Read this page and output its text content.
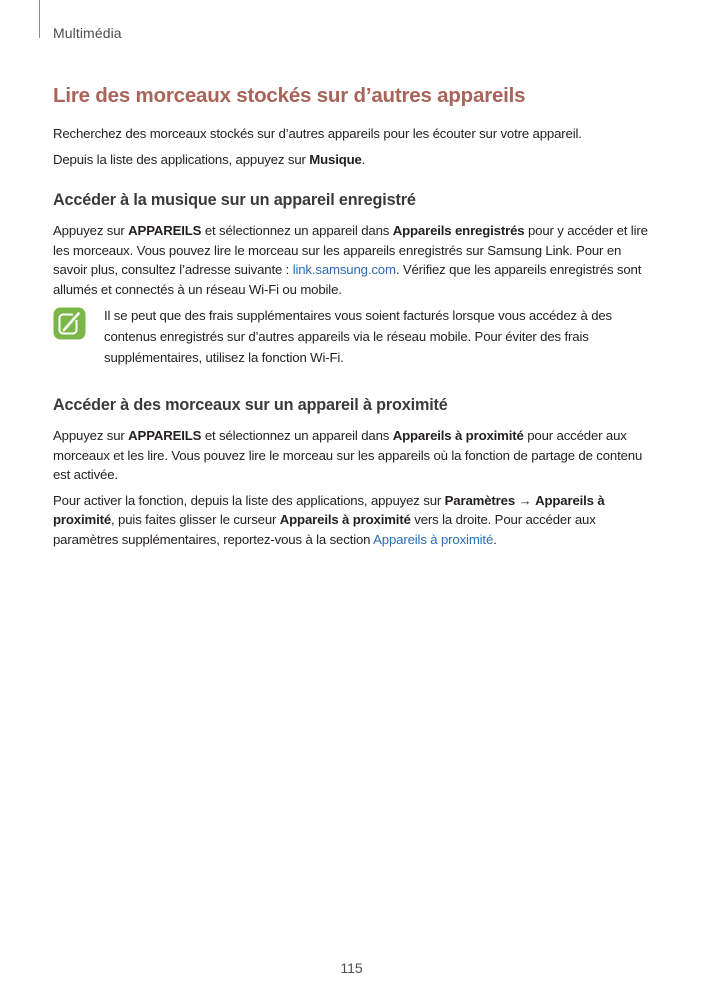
Multimédia
Lire des morceaux stockés sur d’autres appareils

Recherchez des morceaux stockés sur d’autres appareils pour les écouter sur votre appareil.

Depuis la liste des applications, appuyez sur Musique.

Accéder à la musique sur un appareil enregistré

Appuyez sur APPAREILS et sélectionnez un appareil dans Appareils enregistrés pour y accéder et lire les morceaux. Vous pouvez lire le morceau sur les appareils enregistrés sur Samsung Link. Pour en savoir plus, consultez l’adresse suivante : link.samsung.com. Vérifiez que les appareils enregistrés sont allumés et connectés à un réseau Wi-Fi ou mobile.

Il se peut que des frais supplémentaires vous soient facturés lorsque vous accédez à des contenus enregistrés sur d’autres appareils via le réseau mobile. Pour éviter des frais supplémentaires, utilisez la fonction Wi-Fi.
Accéder à des morceaux sur un appareil à proximité

Appuyez sur APPAREILS et sélectionnez un appareil dans Appareils à proximité pour accéder aux morceaux et les lire. Vous pouvez lire le morceau sur les appareils où la fonction de partage de contenu est activée.

Pour activer la fonction, depuis la liste des applications, appuyez sur Paramètres → Appareils à proximité, puis faites glisser le curseur Appareils à proximité vers la droite. Pour accéder aux paramètres supplémentaires, reportez-vous à la section Appareils à proximité.

115
